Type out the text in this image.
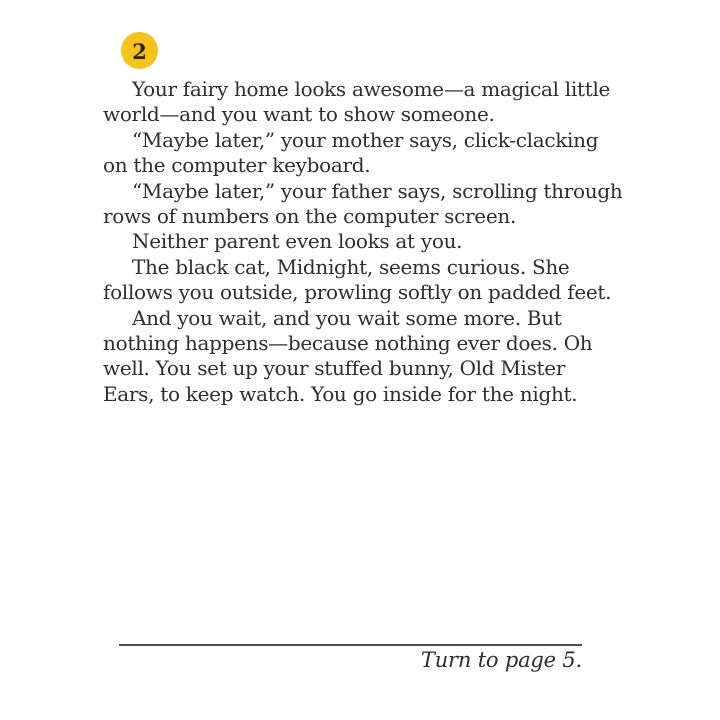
2
Your fairy home looks awesome—a magical little
world—and you want to show someone.
“Maybe later,” your mother says, click-clacking
on the computer keyboard.
“Maybe later,” your father says, scrolling through
rows of numbers on the computer screen.
Neither parent even looks at you.
The black cat, Midnight, seems curious. She
follows you outside, prowling softly on padded feet.
And you wait, and you wait some more. But
nothing happens—because nothing ever does. Oh
well. You set up your stuffed bunny, Old Mister
Ears, to keep watch. You go inside for the night.
Turn to page 5.
